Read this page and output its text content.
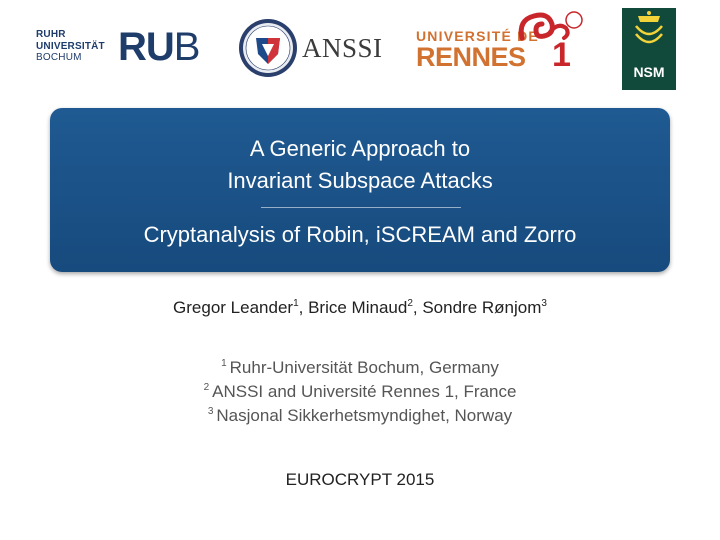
RUHR
UNIVERSITÄT
BOCHUM RUB	ANSSI UNIVERSITÉ DE
RENNES 1	NSM
A Generic Approach to
Invariant Subspace Attacks
Cryptanalysis of Robin, iSCREAM and Zorro
Gregor Leander$^1$, Brice Minaud$^2$, Sondre Rønjom$^3$
$^1$ Ruhr-Universität Bochum, Germany
$^2$ ANSSI and Université Rennes 1, France
$^3$ Nasjonal Sikkerhetsmyndighet, Norway
EUROCRYPT 2015
